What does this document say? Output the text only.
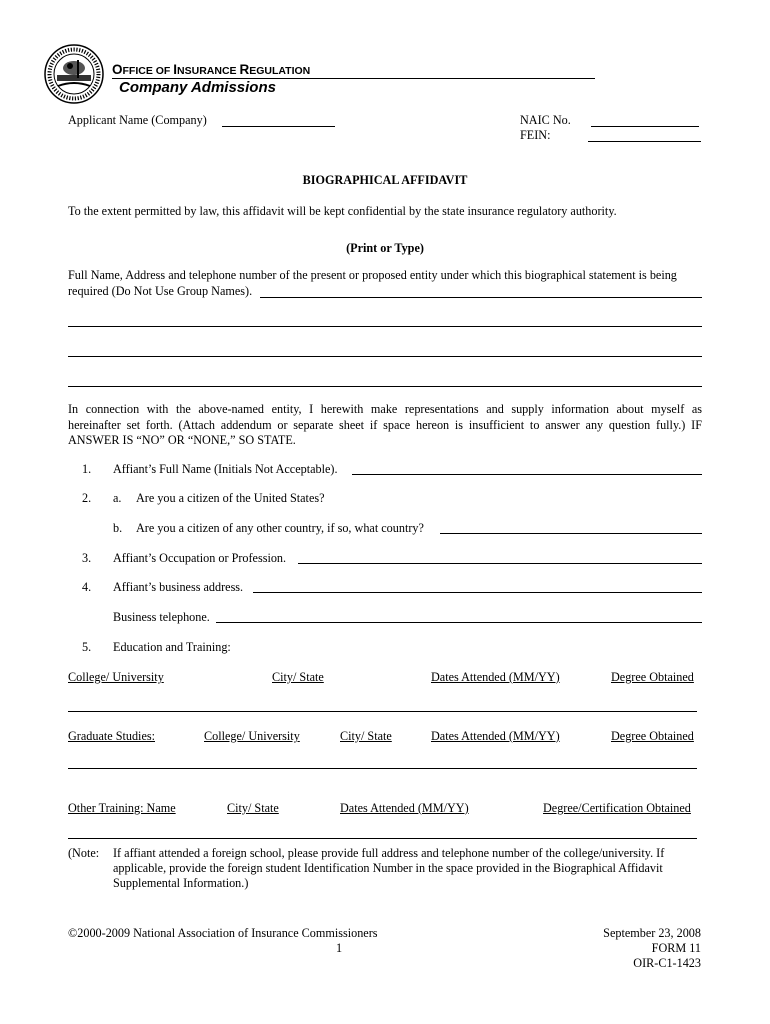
OFFICE OF INSURANCE REGULATION
Company Admissions
Applicant Name (Company)	NAIC No.
FEIN:
BIOGRAPHICAL AFFIDAVIT
To the extent permitted by law, this affidavit will be kept confidential by the state insurance regulatory authority.
(Print or Type)
Full Name, Address and telephone number of the present or proposed entity under which this biographical statement is being
required (Do Not Use Group Names).
In connection with the above-named entity, I herewith make representations and supply information about myself as
hereinafter set forth. (Attach addendum or separate sheet if space hereon is insufficient to answer any question fully.) IF
ANSWER IS “NO” OR “NONE,” SO STATE.
1. Affiant’s Full Name (Initials Not Acceptable).
2. a. Are you a citizen of the United States?
b. Are you a citizen of any other country, if so, what country?
3. Affiant’s Occupation or Profession.
4. Affiant’s business address.
Business telephone.
5. Education and Training:
College/ University	City/ State	Dates Attended (MM/YY)	Degree Obtained
Graduate Studies:	College/ University	City/ State	Dates Attended (MM/YY)	Degree Obtained
Other Training: Name	City/ State	Dates Attended (MM/YY)	Degree/Certification Obtained
(Note: If affiant attended a foreign school, please provide full address and telephone number of the college/university. If
applicable, provide the foreign student Identification Number in the space provided in the Biographical Affidavit
Supplemental Information.)
©2000-2009 National Association of Insurance Commissioners
1
September 23, 2008
FORM 11
OIR-C1-1423
